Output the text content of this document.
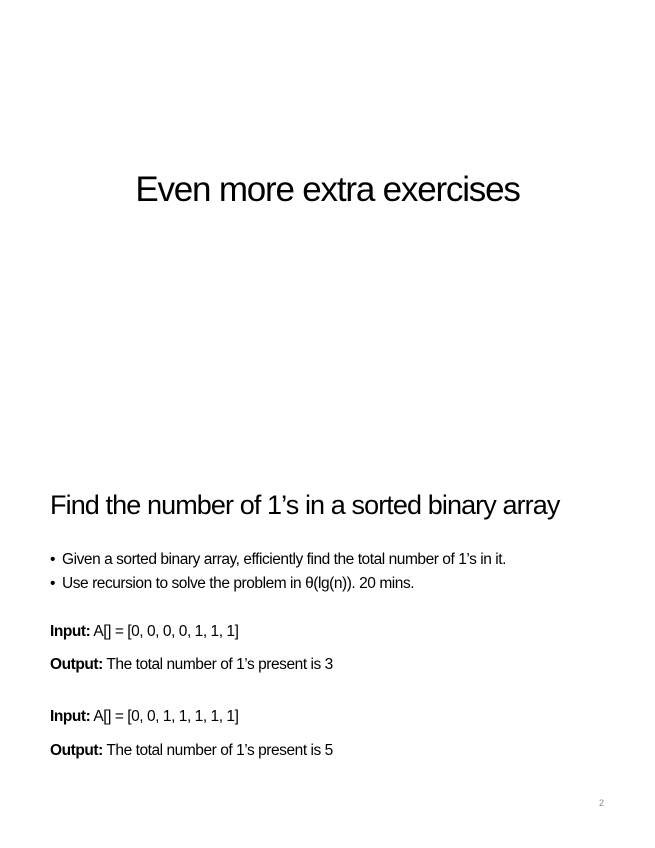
Even more extra exercises
Find the number of 1’s in a sorted binary array
• Given a sorted binary array, efficiently find the total number of 1’s in it.
• Use recursion to solve the problem in θ(lg(n)). 20 mins.
Input: A[] = [0, 0, 0, 0, 1, 1, 1]
Output: The total number of 1’s present is 3
Input: A[] = [0, 0, 1, 1, 1, 1, 1]
Output: The total number of 1’s present is 5
2
